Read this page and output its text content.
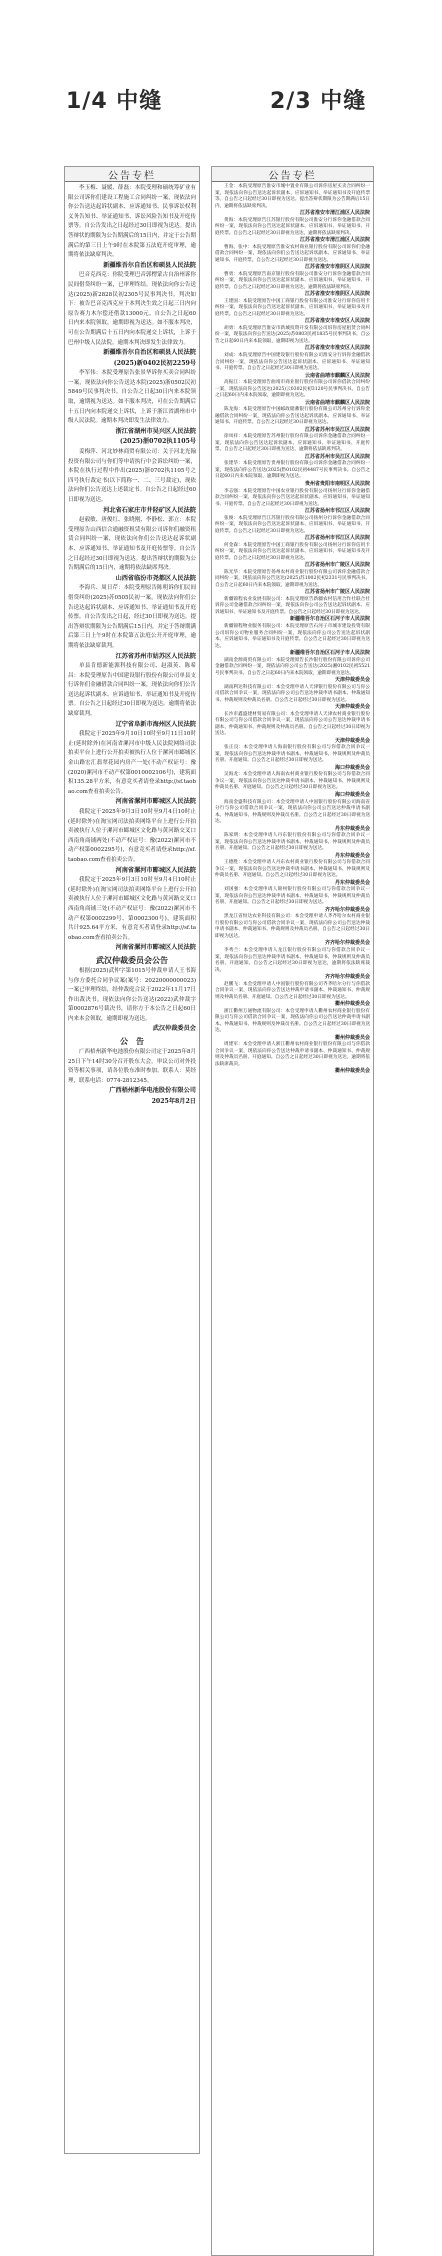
1/4 中缝	2/3 中缝
公告专栏

李玉梅、聂媛、薛磊：本院受理和硕统筹矿业有限公司诉你们建设工程施工合同纠纷一案，现依法向你公告送达起诉状副本、应诉通知书、民事诉讼权利义务告知书、举证通知书、诉讼风险告知书及开庭传票等。自公告发出之日起经过30日即视为送达。提出答辩状的期限为公告期满后的15日内，并定于公告期满后的第三日上午9时在本院第五法庭开庭审理，逾期将依法缺席判决。

新疆维吾尔自治区和硕县人民法院

巴音克西克：你院受理巴音郭楞蒙古自治州诉你民间借贷纠纷一案，已审理终结。现依法向你公告送达(2025)新2828民初2305号民事判决书。判决如下：被告巴音克西克应于本判决生效之日起三日内向原告赛力木尔偿还借款13000元。自公告之日起60日内来本院领取，逾期即视为送达。如不服本判决，可在公告期满后十五日内向本院递交上诉状，上诉于巴州中级人民法院。逾期本判决即发生法律效力。

新疆维吾尔自治区和硕县人民法院

(2025)新0402民初2259号

李军伟：本院受理原告张景华诉你买卖合同纠纷一案，现依法向你公告送达本院(2025)浙0502民初5849号民事判决书。自公告之日起30日内来本院领取，逾期视为送达。如不服本判决，可在公告期满后十五日内向本院递交上诉状，上诉于浙江省湖州市中级人民法院。逾期本判决即发生法律效力。

浙江省湖州市吴兴区人民法院

(2025)浙0702执1105号

姜梅萍、河北妙林商贸有限公司：关于河北光翰投资有限公司与你们等申请执行中会诉讼纠纷一案，本院在执行过程中作出(2025)浙0702执1105号之四号执行裁定书(以下简称一、二、三号裁定)，现依法向你们公告送达上述裁定书。自公告之日起经过60日即视为送达。

河北省石家庄市井陉矿区人民法院

赵毅敏、唐俊红、张晓刚、李静松、郭立：本院受理原告山西信合通融资租赁有限公司诉你们融资租赁合同纠纷一案，现依法向你们公告送达起诉状副本、应诉通知书、举证通知书及开庭传票等。自公告之日起经过30日即视为送达。提出答辩状的期限为公告期满后的15日内，逾期将依法缺席判决。

山西省临汾市尧都区人民法院

李海兵、周日芹：本院受理原告陈明诉你们民间借贷纠纷(2025)苏0505民初一案，现依法向你们公告送达起诉状副本、应诉通知书、举证通知书及开庭传票。自公告发出之日起，经过30日即视为送达。提出答辩状期限为公告期满后15日内，并定于答辩期满后第三日上午9时在本院第五法庭公开开庭审理，逾期将依法缺席裁判。

江苏省苏州市姑苏区人民法院

单县肯德新能源科技有限公司、赵淑英、陈希昌：本院受理原告中国建设银行股份有限公司单县支行诉你们金融借款合同纠纷一案，现依法向你们公告送达起诉状副本、应诉通知书、举证通知书及开庭传票。自公告之日起经过30日即视为送达。逾期将依法缺席裁判。

辽宁省阜新市海州区人民法院

我院定于2025年9月10日10时至9月11日10时止(延时除外)在河南省漯河市中级人民法院网络司法拍卖平台上进行公开拍卖被执行人位于漯河市郾城区金山路宏汇翡翠花园内房产一处(不动产权证号：豫(2020)漯河市不动产权第0010002106号)，建筑面积135.28平方米，有意竞买者请登录http://sf.taobao.com查看拍卖公告。

河南省漯河市郾城区人民法院

我院定于2025年9月3日10时至9月4日10时止(延时除外)在淘宝网司法拍卖网络平台上进行公开拍卖被执行人位于漯河市郾城区文化路与黄河路交叉口西南角商铺两处(不动产权证号：豫(2022)漯河市不动产权第0002295号)，有意竞买者请登录http://sf.taobao.com查看拍卖公告。

河南省漯河市郾城区人民法院

我院定于2025年9月3日10时至9月4日10时止(延时除外)在淘宝网司法拍卖网络平台上进行公开拍卖被执行人位于漯河市郾城区文化路与黄河路交叉口西南角商铺三处(不动产权证号：豫(2022)漯河市不动产权第0002299号、第0002300号)，建筑面积共计925.64平方米，有意竞买者请登录http://sf.taobao.com查看拍卖公告。

河南省漯河市郾城区人民法院

武汉仲裁委员会公告

根据(2025)武仲字第1015号仲裁申请人王书海与你方委托合同争议案(案号：20220000000023)一案已审理终结，经仲裁庭合议于2022年11月17日作出裁决书。现依法向你公告送达(2022)武仲裁字第0002876号裁决书，请你方于本公告之日起60日内来本会领取，逾期即视为送达。

武汉仲裁委员会

公　告

广西梧州新华电池股份有限公司定于2025年8月25日下午14时30分召开股东大会，审议公司对外投资等相关事项，请各位股东准时参加。联系人：莫经理，联系电话：0774-2812345。

广西梧州新华电池股份有限公司

2025年8月2日

公告专栏

王金：本院受理原告淮安市城中置业有限公司诉你房屋买卖合同纠纷一案，现依法向你公告送达起诉状副本、应诉通知书、举证通知书及开庭传票等。自公告之日起经过30日即视为送达。提出答辩状期限为公告期满后15日内，逾期将依法缺席判决。

江苏省淮安市清江浦区人民法院

黄海：本院受理原告江苏银行股份有限公司淮安分行诉你金融借款合同纠纷一案，现依法向你公告送达起诉状副本、应诉通知书、举证通知书、开庭传票。自公告之日起经过30日即视为送达，逾期将依法缺席判决。

江苏省淮安市清江浦区人民法院

曹海、张中：本院受理原告淮安农村商业银行股份有限公司诉你们金融借款合同纠纷一案，现依法向你们公告送达起诉状副本、应诉通知书、举证通知书、开庭传票。自公告之日起经过30日即视为送达。

江苏省淮安市淮阴区人民法院

曹勇：本院受理原告南京银行股份有限公司淮安分行诉你金融借款合同纠纷一案，现依法向你公告送达起诉状副本、应诉通知书、举证通知书、开庭传票。自公告之日起经过30日即视为送达，逾期将依法缺席判决。

江苏省淮安市淮阴区人民法院

王建国：本院受理原告中国工商银行股份有限公司淮安分行诉你信用卡纠纷一案，现依法向你公告送达起诉状副本、应诉通知书、举证通知书及开庭传票。自公告之日起经过30日即视为送达。

江苏省淮安市淮安区人民法院

胡勇：本院受理原告淮安市新城投资开发有限公司诉你房屋租赁合同纠纷一案，现依法向你公告送达(2025)苏0803民初1835号民事判决书。自公告之日起60日内来本院领取，逾期即视为送达。

江苏省淮安市淮安区人民法院

刘成：本院受理原告中国建设银行股份有限公司淮安分行诉你金融借款合同纠纷一案，现依法向你公告送达起诉状副本、应诉通知书、举证通知书、开庭传票。自公告之日起经过30日即视为送达。

云南省曲靖市麒麟区人民法院

高振江：本院受理原告曲靖市商业银行股份有限公司诉你借款合同纠纷一案，现依法向你公告送达(2025)云0302民初3120号民事判决书。自公告之日起60日内来本院领取，逾期即视为送达。

云南省曲靖市麒麟区人民法院

陈龙海：本院受理原告中国邮政储蓄银行股份有限公司苏州分行诉你金融借款合同纠纷一案，现依法向你公告送达起诉状副本、应诉通知书、举证通知书、开庭传票。自公告之日起经过30日即视为送达。

江苏省苏州市吴江区人民法院

徐凤祥：本院受理原告苏州银行股份有限公司诉你金融借款合同纠纷一案，现依法向你公告送达起诉状副本、应诉通知书、举证通知书、开庭传票。自公告之日起经过30日即视为送达，逾期将依法缺席判决。

江苏省苏州市吴江区人民法院

张建华：本院受理原告贵州银行股份有限公司诉你金融借款合同纠纷一案，现依法向你公告送达(2025)黔0102民初4487号民事判决书。自公告之日起60日内来本院领取，逾期即视为送达。

贵州省贵阳市南明区人民法院

李志强：本院受理原告中国农业银行股份有限公司扬州分行诉你金融借款合同纠纷一案，现依法向你公告送达起诉状副本、应诉通知书、举证通知书、开庭传票。自公告之日起经过30日即视为送达。

江苏省扬州市邗江区人民法院

张俊：本院受理原告江苏银行股份有限公司扬州分行诉你金融借款合同纠纷一案，现依法向你公告送达起诉状副本、应诉通知书、举证通知书、开庭传票。自公告之日起经过30日即视为送达。

江苏省扬州市邗江区人民法院

何金森：本院受理原告中国工商银行股份有限公司扬州分行诉你信用卡纠纷一案，现依法向你公告送达起诉状副本、应诉通知书、举证通知书及开庭传票。自公告之日起经过30日即视为送达。

江苏省扬州市广陵区人民法院

陈光华：本院受理原告扬州农村商业银行股份有限公司诉你金融借款合同纠纷一案，现依法向你公告送达(2025)苏1002民初2331号民事判决书。自公告之日起60日内来本院领取，逾期即视为送达。

江苏省扬州市广陵区人民法院

新疆锦程农业发展有限公司：本院受理原告新疆农村信用合作社联合社诉你公司金融借款合同纠纷一案，现依法向你公司公告送达起诉状副本、应诉通知书、举证通知书及开庭传票。自公告之日起经过30日即视为送达。

新疆维吾尔自治区石河子市人民法院

新疆锦程物业服务有限公司：本院受理原告石河子市城市建设投资有限公司诉你公司物业服务合同纠纷一案，现依法向你公司公告送达起诉状副本、应诉通知书、举证通知书及开庭传票。自公告之日起经过30日即视为送达。

新疆维吾尔自治区石河子市人民法院

湖南金源商贸有限公司：本院受理原告长沙银行股份有限公司诉你公司金融借款合同纠纷一案，现依法向你公司公告送达(2025)湘0102民初5521号民事判决书。自公告之日起60日内来本院领取，逾期即视为送达。

天津仲裁委员会

湖南利达科技有限公司：本会受理申请人天津银行股份有限公司与你公司借款合同争议一案，现依法向你公司公告送达仲裁申请书副本、仲裁通知书、仲裁规则及仲裁员名册。自公告之日起经过30日即视为送达。

天津仲裁委员会

长沙市鑫盛建材贸易有限公司：本会受理申请人天津农村商业银行股份有限公司与你公司借款合同争议一案，现依法向你公司公告送达仲裁申请书副本、仲裁通知书、仲裁规则及仲裁员名册。自公告之日起经过30日即视为送达。

天津仲裁委员会

张正良：本会受理申请人海南银行股份有限公司与你借款合同争议一案，现依法向你公告送达仲裁申请书副本、仲裁通知书、仲裁规则及仲裁员名册、开庭通知。自公告之日起经过30日即视为送达。

海口仲裁委员会

吴海龙：本会受理申请人海南农村商业银行股份有限公司与你借款合同争议一案，现依法向你公告送达仲裁申请书副本、仲裁通知书、仲裁规则及仲裁员名册、开庭通知。自公告之日起经过30日即视为送达。

海口仲裁委员会

海南金盛科技有限公司：本会受理申请人中国银行股份有限公司海南省分行与你公司借款合同争议一案，现依法向你公司公告送达仲裁申请书副本、仲裁通知书、仲裁规则及仲裁员名册。自公告之日起经过30日即视为送达。

丹东仲裁委员会

陈家明：本会受理申请人丹东银行股份有限公司与你借款合同争议一案，现依法向你公告送达仲裁申请书副本、仲裁通知书、仲裁规则及仲裁员名册、开庭通知。自公告之日起经过30日即视为送达。

丹东仲裁委员会

王德胜：本会受理申请人丹东农村商业银行股份有限公司与你借款合同争议一案，现依法向你公告送达仲裁申请书副本、仲裁通知书、仲裁规则及仲裁员名册、开庭通知。自公告之日起经过30日即视为送达。

丹东仲裁委员会

刘国强：本会受理申请人锦州银行股份有限公司与你借款合同争议一案，现依法向你公告送达仲裁申请书副本、仲裁通知书、仲裁规则及仲裁员名册、开庭通知。自公告之日起经过30日即视为送达。

齐齐哈尔仲裁委员会

黑龙江省恒达农业科技有限公司：本会受理申请人齐齐哈尔农村商业银行股份有限公司与你公司借款合同争议一案，现依法向你公司公告送达仲裁申请书副本、仲裁通知书、仲裁规则及仲裁员名册。自公告之日起经过30日即视为送达。

齐齐哈尔仲裁委员会

李秀兰：本会受理申请人龙江银行股份有限公司与你借款合同争议一案，现依法向你公告送达仲裁申请书副本、仲裁通知书、仲裁规则及仲裁员名册、开庭通知。自公告之日起经过30日即视为送达，逾期将依法缺席裁决。

齐齐哈尔仲裁委员会

赵鹏飞：本会受理申请人中国银行股份有限公司齐齐哈尔分行与你借款合同争议一案，现依法向你公告送达仲裁申请书副本、仲裁通知书、仲裁规则及仲裁员名册、开庭通知。自公告之日起经过30日即视为送达。

衢州仲裁委员会

浙江衢州万通物流有限公司：本会受理申请人衢州农村商业银行股份有限公司与你公司借款合同争议一案，现依法向你公司公告送达仲裁申请书副本、仲裁通知书、仲裁规则及仲裁员名册。自公告之日起经过30日即视为送达。

衢州仲裁委员会

周建军：本会受理申请人浙江衢州农村商业银行股份有限公司与你借款合同争议一案，现依法向你公告送达仲裁申请书副本、仲裁通知书、仲裁规则及仲裁员名册、开庭通知。自公告之日起经过30日即视为送达，逾期将依法缺席裁决。

衢州仲裁委员会
